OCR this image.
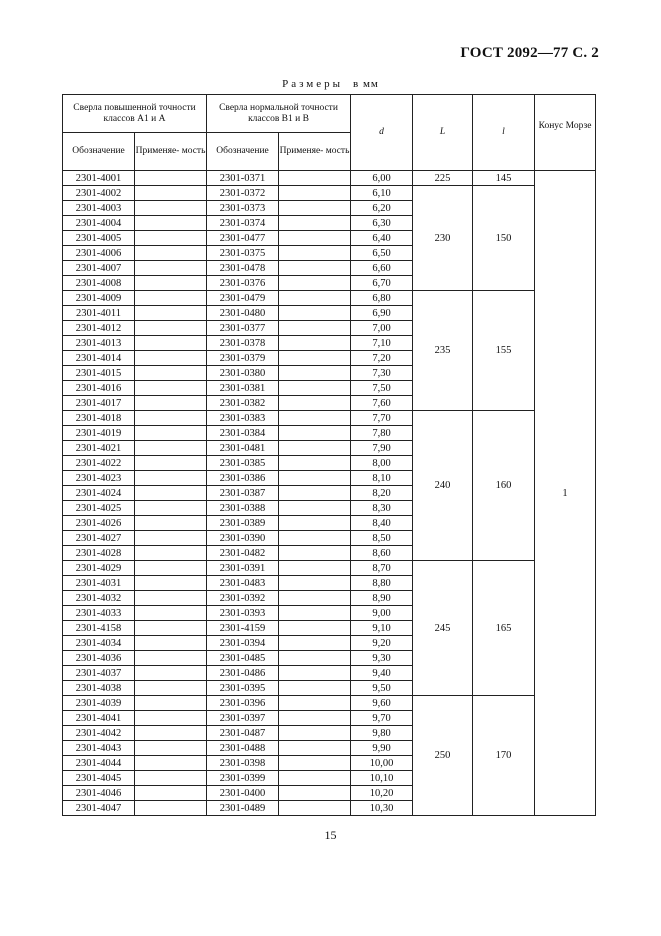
ГОСТ 2092—77 С. 2
Размеры в мм
Сверла повышенной точности классов А1 и А		Сверла нормальной точности классов В1 и В		d	L	l	Конус Морзе
Обозначение	Применяе- мость	Обозначение	Применяе- мость				
2301-4001		2301-0371		6,00	225	145	1
2301-4002		2301-0372		6,10	230	150	
2301-4003		2301-0373		6,20			
2301-4004		2301-0374		6,30			
2301-4005		2301-0477		6,40			
2301-4006		2301-0375		6,50			
2301-4007		2301-0478		6,60			
2301-4008		2301-0376		6,70			
2301-4009		2301-0479		6,80	235	155	
2301-4011		2301-0480		6,90			
2301-4012		2301-0377		7,00			
2301-4013		2301-0378		7,10			
2301-4014		2301-0379		7,20			
2301-4015		2301-0380		7,30			
2301-4016		2301-0381		7,50			
2301-4017		2301-0382		7,60			
2301-4018		2301-0383		7,70	240	160	
2301-4019		2301-0384		7,80			
2301-4021		2301-0481		7,90			
2301-4022		2301-0385		8,00			
2301-4023		2301-0386		8,10			
2301-4024		2301-0387		8,20			
2301-4025		2301-0388		8,30			
2301-4026		2301-0389		8,40			
2301-4027		2301-0390		8,50			
2301-4028		2301-0482		8,60			
2301-4029		2301-0391		8,70	245	165	
2301-4031		2301-0483		8,80			
2301-4032		2301-0392		8,90			
2301-4033		2301-0393		9,00			
2301-4158		2301-4159		9,10			
2301-4034		2301-0394		9,20			
2301-4036		2301-0485		9,30			
2301-4037		2301-0486		9,40			
2301-4038		2301-0395		9,50			
2301-4039		2301-0396		9,60	250	170	
2301-4041		2301-0397		9,70			
2301-4042		2301-0487		9,80			
2301-4043		2301-0488		9,90			
2301-4044		2301-0398		10,00			
2301-4045		2301-0399		10,10			
2301-4046		2301-0400		10,20			
2301-4047		2301-0489		10,30			
15
